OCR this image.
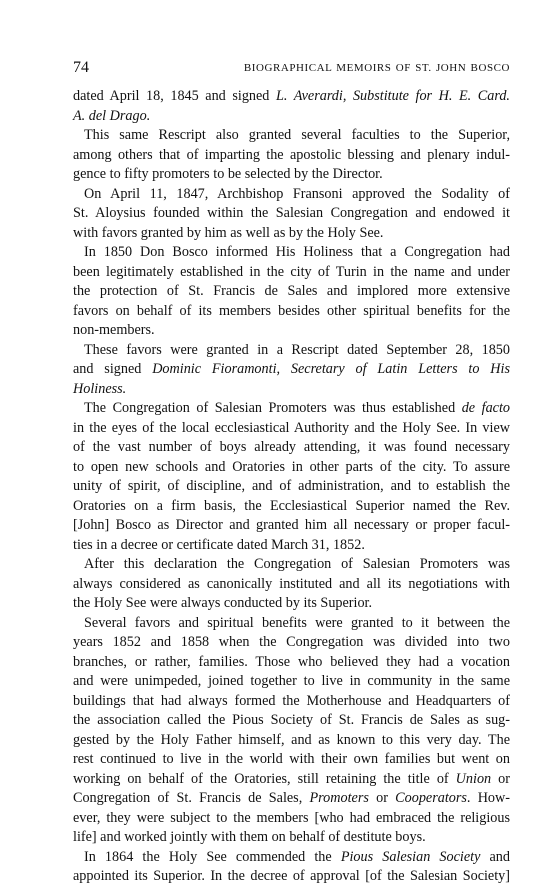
74	BIOGRAPHICAL MEMOIRS OF ST. JOHN BOSCO
dated April 18, 1845 and signed L. Averardi, Substitute for H. E. Card.
A. del Drago.
This same Rescript also granted several faculties to the Superior,
among others that of imparting the apostolic blessing and plenary indul-
gence to fifty promoters to be selected by the Director.
On April 11, 1847, Archbishop Fransoni approved the Sodality of
St. Aloysius founded within the Salesian Congregation and endowed it
with favors granted by him as well as by the Holy See.
In 1850 Don Bosco informed His Holiness that a Congregation had
been legitimately established in the city of Turin in the name and under
the protection of St. Francis de Sales and implored more extensive
favors on behalf of its members besides other spiritual benefits for the
non-members.
These favors were granted in a Rescript dated September 28, 1850
and signed Dominic Fioramonti, Secretary of Latin Letters to His
Holiness.
The Congregation of Salesian Promoters was thus established de facto
in the eyes of the local ecclesiastical Authority and the Holy See. In view
of the vast number of boys already attending, it was found necessary
to open new schools and Oratories in other parts of the city. To assure
unity of spirit, of discipline, and of administration, and to establish the
Oratories on a firm basis, the Ecclesiastical Superior named the Rev.
[John] Bosco as Director and granted him all necessary or proper facul-
ties in a decree or certificate dated March 31, 1852.
After this declaration the Congregation of Salesian Promoters was
always considered as canonically instituted and all its negotiations with
the Holy See were always conducted by its Superior.
Several favors and spiritual benefits were granted to it between the
years 1852 and 1858 when the Congregation was divided into two
branches, or rather, families. Those who believed they had a vocation
and were unimpeded, joined together to live in community in the same
buildings that had always formed the Motherhouse and Headquarters of
the association called the Pious Society of St. Francis de Sales as sug-
gested by the Holy Father himself, and as known to this very day. The
rest continued to live in the world with their own families but went on
working on behalf of the Oratories, still retaining the title of Union or
Congregation of St. Francis de Sales, Promoters or Cooperators. How-
ever, they were subject to the members [who had embraced the religious
life] and worked jointly with them on behalf of destitute boys.
In 1864 the Holy See commended the Pious Salesian Society and
appointed its Superior. In the decree of approval [of the Salesian Society]
